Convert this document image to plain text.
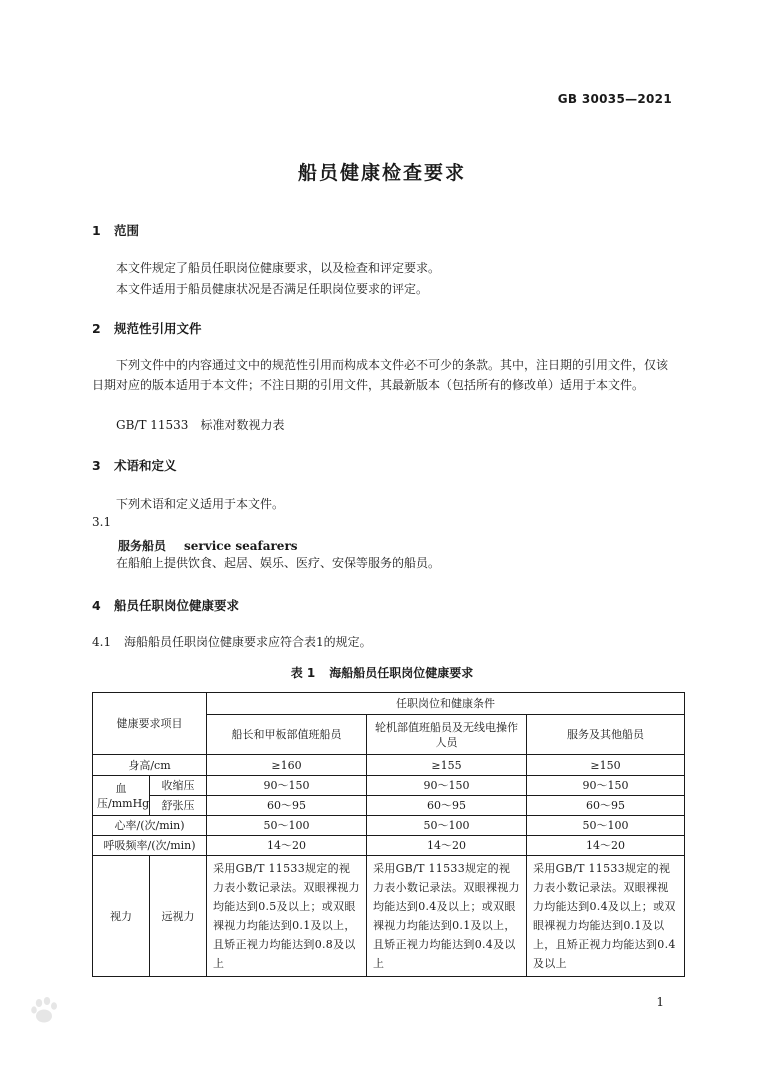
GB 30035—2021
船员健康检查要求
1 范围
本文件规定了船员任职岗位健康要求，以及检查和评定要求。
本文件适用于船员健康状况是否满足任职岗位要求的评定。
2 规范性引用文件
下列文件中的内容通过文中的规范性引用而构成本文件必不可少的条款。其中，注日期的引用文件，仅该日期对应的版本适用于本文件；不注日期的引用文件，其最新版本（包括所有的修改单）适用于本文件。
GB/T 11533　标准对数视力表
3 术语和定义
下列术语和定义适用于本文件。
3.1
服务船员 service seafarers
在船舶上提供饮食、起居、娱乐、医疗、安保等服务的船员。
4 船员任职岗位健康要求
4.1 海船船员任职岗位健康要求应符合表1的规定。
表 1 海船船员任职岗位健康要求
健康要求项目		任职岗位和健康条件		
		船长和甲板部值班船员	轮机部值班船员及无线电操作人员	服务及其他船员
身高/cm		≥160	≥155	≥150
血压/mmHg	收缩压	90～150	90～150	90～150
	舒张压	60～95	60～95	60～95
心率/(次/min)		50～100	50～100	50～100
呼吸频率/(次/min)		14～20	14～20	14～20
视力	远视力	采用GB/T 11533规定的视力表小数记录法。双眼裸视力均能达到0.5及以上；或双眼裸视力均能达到0.1及以上，且矫正视力均能达到0.8及以上	采用GB/T 11533规定的视力表小数记录法。双眼裸视力均能达到0.4及以上；或双眼裸视力均能达到0.1及以上，且矫正视力均能达到0.4及以上	采用GB/T 11533规定的视力表小数记录法。双眼裸视力均能达到0.4及以上；或双眼裸视力均能达到0.1及以上，且矫正视力均能达到0.4及以上
1
